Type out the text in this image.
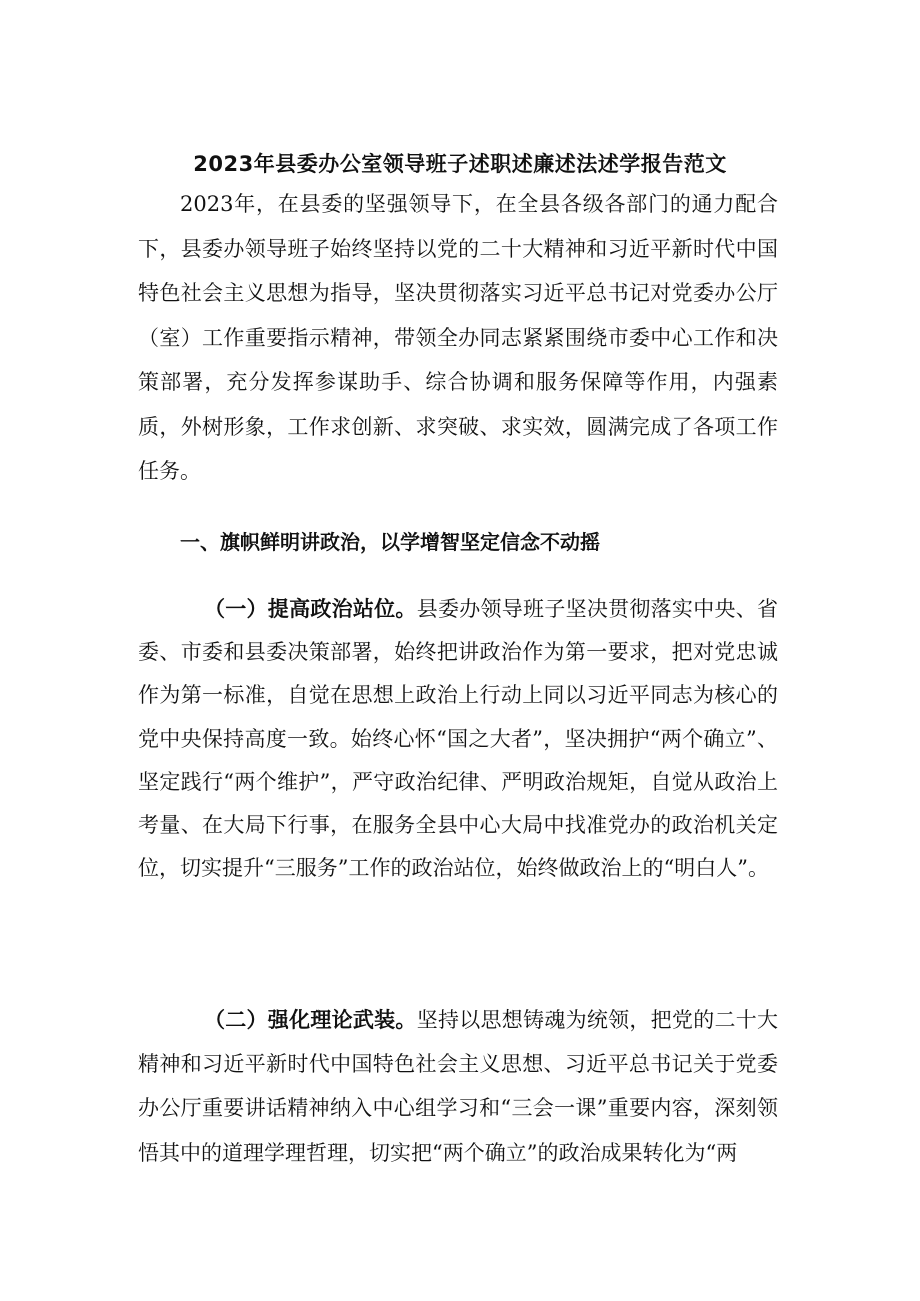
2023年县委办公室领导班子述职述廉述法述学报告范文
2023年，在县委的坚强领导下，在全县各级各部门的通力配合下，县委办领导班子始终坚持以党的二十大精神和习近平新时代中国特色社会主义思想为指导，坚决贯彻落实习近平总书记对党委办公厅（室）工作重要指示精神，带领全办同志紧紧围绕市委中心工作和决策部署，充分发挥参谋助手、综合协调和服务保障等作用，内强素质，外树形象，工作求创新、求突破、求实效，圆满完成了各项工作任务。
一、旗帜鲜明讲政治，以学增智坚定信念不动摇
（一）提高政治站位。县委办领导班子坚决贯彻落实中央、省委、市委和县委决策部署，始终把讲政治作为第一要求，把对党忠诚作为第一标准，自觉在思想上政治上行动上同以习近平同志为核心的党中央保持高度一致。始终心怀“国之大者”，坚决拥护“两个确立”、坚定践行“两个维护”，严守政治纪律、严明政治规矩，自觉从政治上考量、在大局下行事，在服务全县中心大局中找准党办的政治机关定位，切实提升“三服务”工作的政治站位，始终做政治上的“明白人”。
（二）强化理论武装。坚持以思想铸魂为统领，把党的二十大精神和习近平新时代中国特色社会主义思想、习近平总书记关于党委办公厅重要讲话精神纳入中心组学习和“三会一课”重要内容，深刻领悟其中的道理学理哲理，切实把“两个确立”的政治成果转化为“两
